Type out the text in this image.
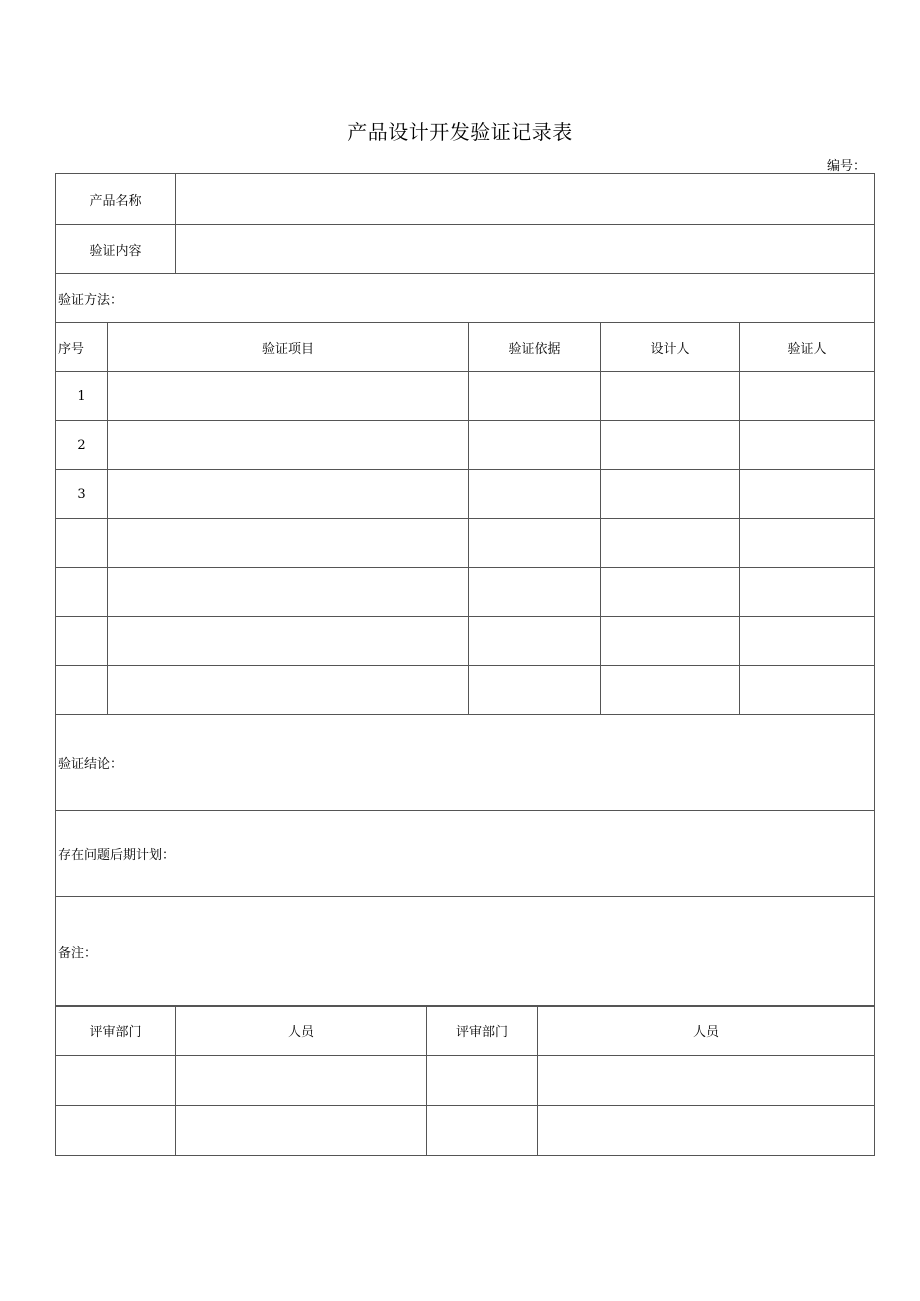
产品设计开发验证记录表
编号：
产品名称					
验证内容					
验证方法：					
序号	验证项目		验证依据	设计人	验证人
1					
2					
3					

验证结论：					
存在问题后期计划：					
备注：					
评审部门	人员	评审部门	人员
